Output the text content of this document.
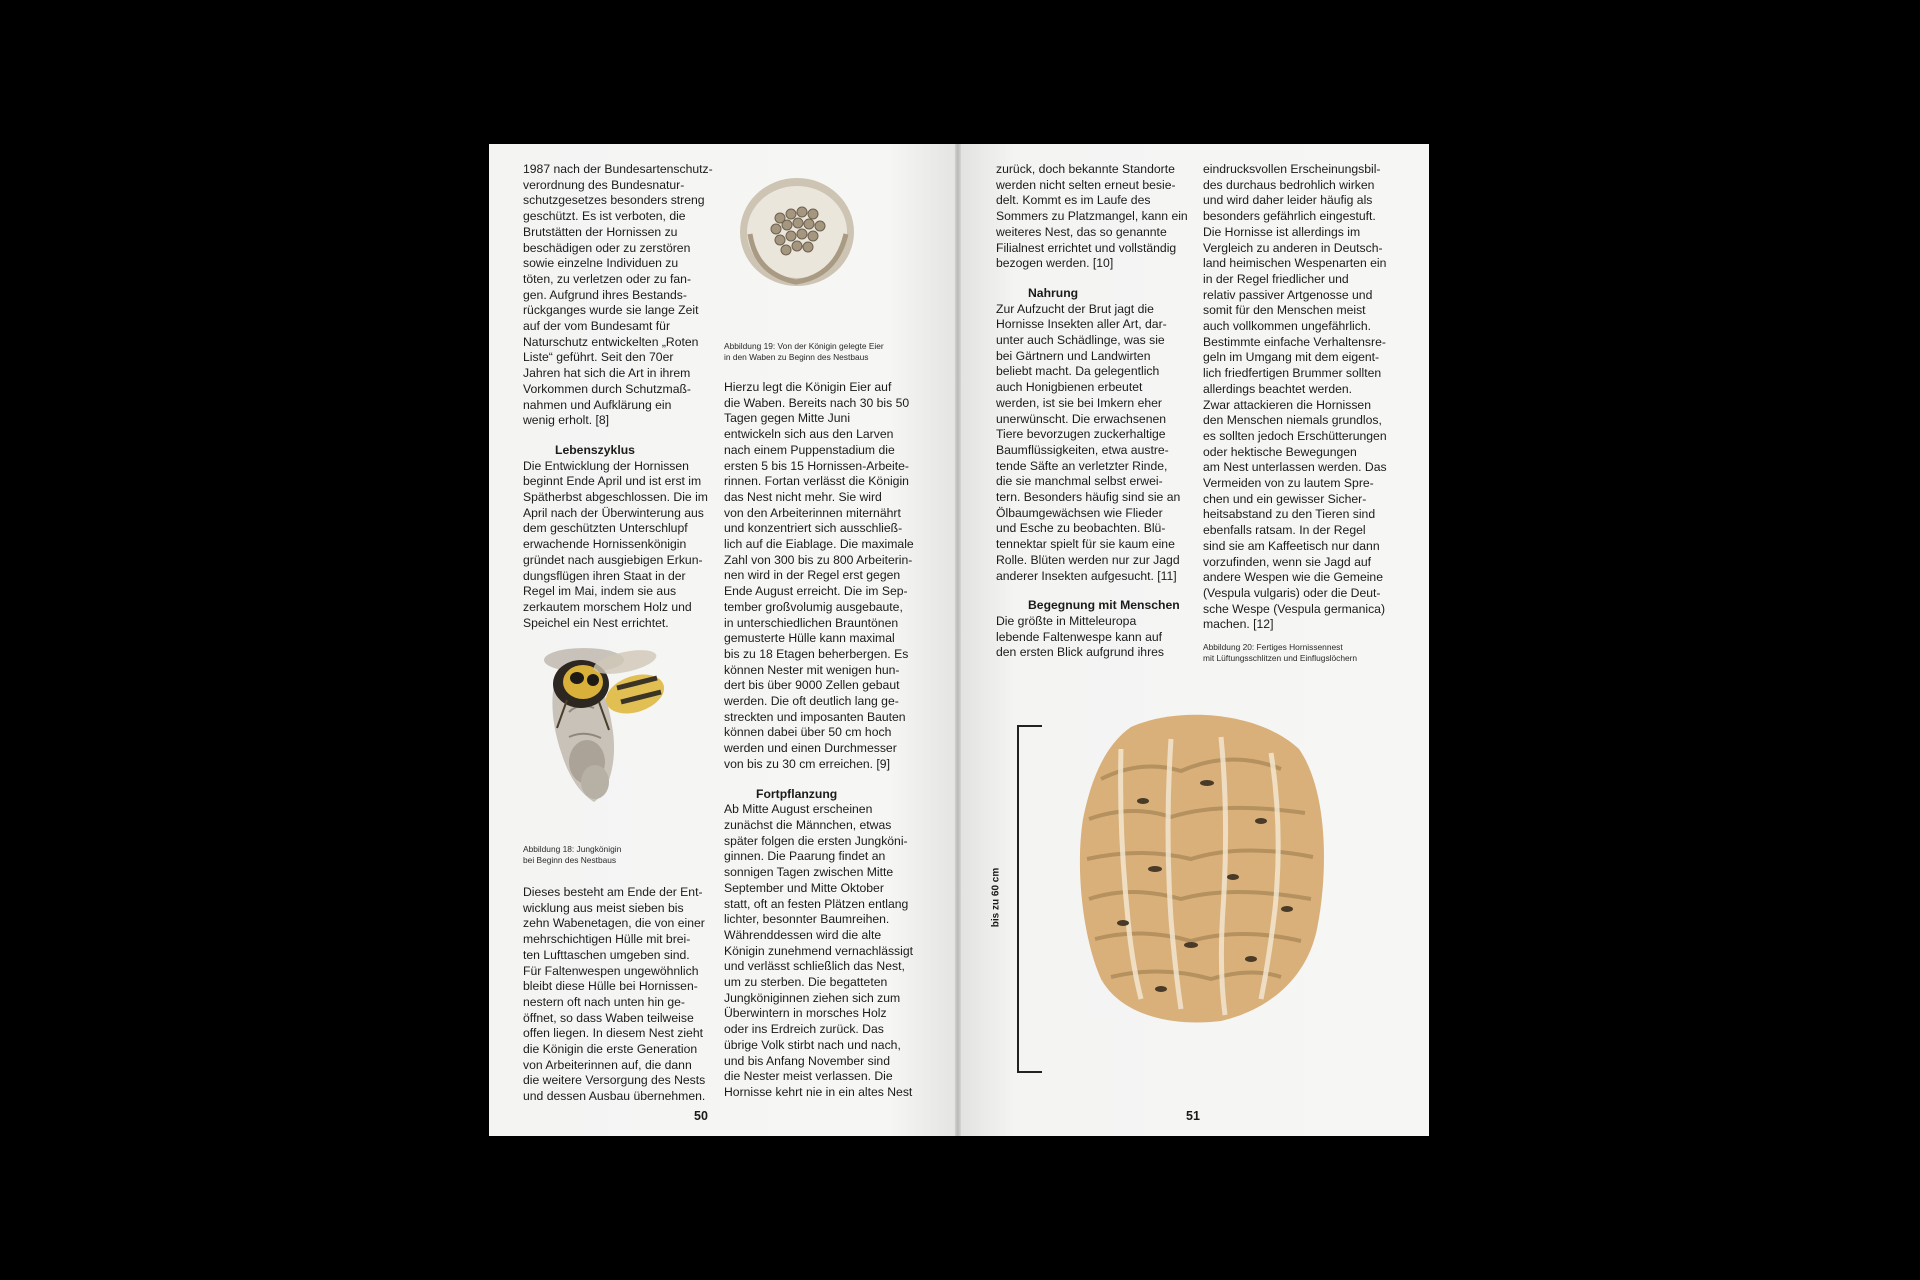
1987 nach der Bundesartenschutz-
verordnung des Bundesnatur-
schutzgesetzes besonders streng
geschützt. Es ist verboten, die
Brutstätten der Hornissen zu
beschädigen oder zu zerstören
sowie einzelne Individuen zu
töten, zu verletzen oder zu fan-
gen. Aufgrund ihres Bestands-
rückganges wurde sie lange Zeit
auf der vom Bundesamt für
Naturschutz entwickelten „Roten
Liste“ geführt. Seit den 70er
Jahren hat sich die Art in ihrem
Vorkommen durch Schutzmaß-
nahmen und Aufklärung ein
wenig erholt. [8]

Lebenszyklus

Die Entwicklung der Hornissen
beginnt Ende April und ist erst im
Spätherbst abgeschlossen. Die im
April nach der Überwinterung aus
dem geschützten Unterschlupf
erwachende Hornissenkönigin
gründet nach ausgiebigen Erkun-
dungsflügen ihren Staat in der
Regel im Mai, indem sie aus
zerkautem morschem Holz und
Speichel ein Nest errichtet.

Abbildung 18: Jungkönigin
bei Beginn des Nestbaus

Dieses besteht am Ende der Ent-
wicklung aus meist sieben bis
zehn Wabenetagen, die von einer
mehrschichtigen Hülle mit brei-
ten Lufttaschen umgeben sind.
Für Faltenwespen ungewöhnlich
bleibt diese Hülle bei Hornissen-
nestern oft nach unten hin ge-
öffnet, so dass Waben teilweise
offen liegen. In diesem Nest zieht
die Königin die erste Generation
von Arbeiterinnen auf, die dann
die weitere Versorgung des Nests
und dessen Ausbau übernehmen.

Abbildung 19: Von der Königin gelegte Eier
in den Waben zu Beginn des Nestbaus

Hierzu legt die Königin Eier auf
die Waben. Bereits nach 30 bis 50
Tagen gegen Mitte Juni
entwickeln sich aus den Larven
nach einem Puppenstadium die
ersten 5 bis 15 Hornissen-Arbeite-
rinnen. Fortan verlässt die Königin
das Nest nicht mehr. Sie wird
von den Arbeiterinnen miternährt
und konzentriert sich ausschließ-
lich auf die Eiablage. Die maximale
Zahl von 300 bis zu 800 Arbeiterin-
nen wird in der Regel erst gegen
Ende August erreicht. Die im Sep-
tember großvolumig ausgebaute,
in unterschiedlichen Brauntönen
gemusterte Hülle kann maximal
bis zu 18 Etagen beherbergen. Es
können Nester mit wenigen hun-
dert bis über 9000 Zellen gebaut
werden. Die oft deutlich lang ge-
streckten und imposanten Bauten
können dabei über 50 cm hoch
werden und einen Durchmesser
von bis zu 30 cm erreichen. [9]

Fortpflanzung

Ab Mitte August erscheinen
zunächst die Männchen, etwas
später folgen die ersten Jungköni-
ginnen. Die Paarung findet an
sonnigen Tagen zwischen Mitte
September und Mitte Oktober
statt, oft an festen Plätzen entlang
lichter, besonnter Baumreihen.
Währenddessen wird die alte
Königin zunehmend vernachlässigt
und verlässt schließlich das Nest,
um zu sterben. Die begatteten
Jungköniginnen ziehen sich zum
Überwintern in morsches Holz
oder ins Erdreich zurück. Das
übrige Volk stirbt nach und nach,
und bis Anfang November sind
die Nester meist verlassen. Die
Hornisse kehrt nie in ein altes Nest

50

zurück, doch bekannte Standorte
werden nicht selten erneut besie-
delt. Kommt es im Laufe des
Sommers zu Platzmangel, kann ein
weiteres Nest, das so genannte
Filialnest errichtet und vollständig
bezogen werden. [10]

Nahrung

Zur Aufzucht der Brut jagt die
Hornisse Insekten aller Art, dar-
unter auch Schädlinge, was sie
bei Gärtnern und Landwirten
beliebt macht. Da gelegentlich
auch Honigbienen erbeutet
werden, ist sie bei Imkern eher
unerwünscht. Die erwachsenen
Tiere bevorzugen zuckerhaltige
Baumflüssigkeiten, etwa austre-
tende Säfte an verletzter Rinde,
die sie manchmal selbst erwei-
tern. Besonders häufig sind sie an
Ölbaumgewächsen wie Flieder
und Esche zu beobachten. Blü-
tennektar spielt für sie kaum eine
Rolle. Blüten werden nur zur Jagd
anderer Insekten aufgesucht. [11]

Begegnung mit Menschen

Die größte in Mitteleuropa
lebende Faltenwespe kann auf
den ersten Blick aufgrund ihres

eindrucksvollen Erscheinungsbil-
des durchaus bedrohlich wirken
und wird daher leider häufig als
besonders gefährlich eingestuft.
Die Hornisse ist allerdings im
Vergleich zu anderen in Deutsch-
land heimischen Wespenarten ein
in der Regel friedlicher und
relativ passiver Artgenosse und
somit für den Menschen meist
auch vollkommen ungefährlich.
Bestimmte einfache Verhaltensre-
geln im Umgang mit dem eigent-
lich friedfertigen Brummer sollten
allerdings beachtet werden.
Zwar attackieren die Hornissen
den Menschen niemals grundlos,
es sollten jedoch Erschütterungen
oder hektische Bewegungen
am Nest unterlassen werden. Das
Vermeiden von zu lautem Spre-
chen und ein gewisser Sicher-
heitsabstand zu den Tieren sind
ebenfalls ratsam. In der Regel
sind sie am Kaffeetisch nur dann
vorzufinden, wenn sie Jagd auf
andere Wespen wie die Gemeine
(Vespula vulgaris) oder die Deut-
sche Wespe (Vespula germanica)
machen. [12]

Abbildung 20: Fertiges Hornissennest
mit Lüftungsschlitzen und Einflugslöchern
bis zu 60 cm
51
